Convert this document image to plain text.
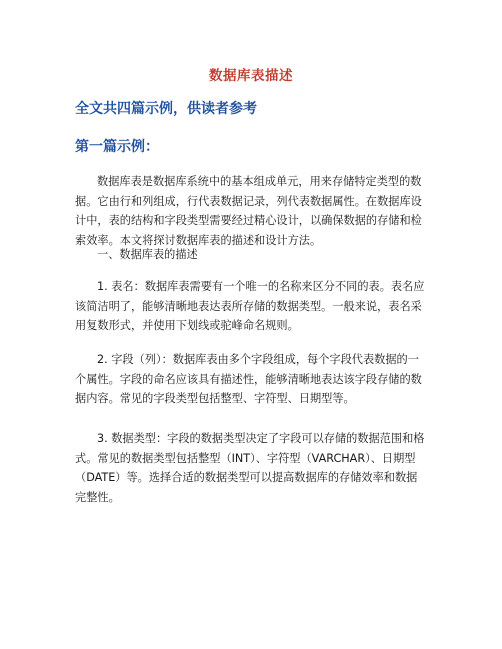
数据库表描述
全文共四篇示例，供读者参考
第一篇示例：

数据库表是数据库系统中的基本组成单元，用来存储特定类型的数据。它由行和列组成，行代表数据记录，列代表数据属性。在数据库设计中，表的结构和字段类型需要经过精心设计，以确保数据的存储和检索效率。本文将探讨数据库表的描述和设计方法。

一、数据库表的描述

1. 表名：数据库表需要有一个唯一的名称来区分不同的表。表名应该简洁明了，能够清晰地表达表所存储的数据类型。一般来说，表名采用复数形式，并使用下划线或驼峰命名规则。

2. 字段（列）：数据库表由多个字段组成，每个字段代表数据的一个属性。字段的命名应该具有描述性，能够清晰地表达该字段存储的数据内容。常见的字段类型包括整型、字符型、日期型等。

3. 数据类型：字段的数据类型决定了字段可以存储的数据范围和格式。常见的数据类型包括整型（INT）、字符型（VARCHAR）、日期型（DATE）等。选择合适的数据类型可以提高数据库的存储效率和数据完整性。
